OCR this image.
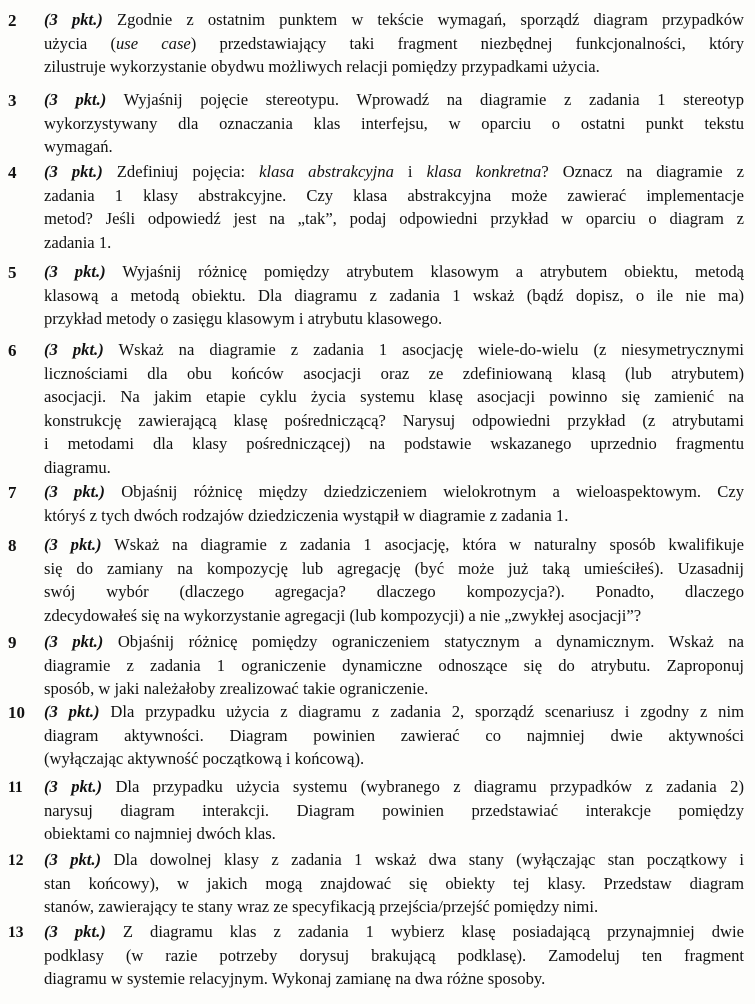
2	(3 pkt.) Zgodnie z ostatnim punktem w tekście wymagań, sporządź diagram przypadków
użycia (use case) przedstawiający taki fragment niezbędnej funkcjonalności, który
zilustruje wykorzystanie obydwu możliwych relacji pomiędzy przypadkami użycia.
3	(3 pkt.) Wyjaśnij pojęcie stereotypu. Wprowadź na diagramie z zadania 1 stereotyp
wykorzystywany dla oznaczania klas interfejsu, w oparciu o ostatni punkt tekstu
wymagań.
4	(3 pkt.) Zdefiniuj pojęcia: klasa abstrakcyjna i klasa konkretna? Oznacz na diagramie z
zadania 1 klasy abstrakcyjne. Czy klasa abstrakcyjna może zawierać implementacje
metod? Jeśli odpowiedź jest na „tak”, podaj odpowiedni przykład w oparciu o diagram z
zadania 1.
5	(3 pkt.) Wyjaśnij różnicę pomiędzy atrybutem klasowym a atrybutem obiektu, metodą
klasową a metodą obiektu. Dla diagramu z zadania 1 wskaż (bądź dopisz, o ile nie ma)
przykład metody o zasięgu klasowym i atrybutu klasowego.
6	(3 pkt.) Wskaż na diagramie z zadania 1 asocjację wiele-do-wielu (z niesymetrycznymi
licznościami dla obu końców asocjacji oraz ze zdefiniowaną klasą (lub atrybutem)
asocjacji. Na jakim etapie cyklu życia systemu klasę asocjacji powinno się zamienić na
konstrukcję zawierającą klasę pośredniczącą? Narysuj odpowiedni przykład (z atrybutami
i metodami dla klasy pośredniczącej) na podstawie wskazanego uprzednio fragmentu
diagramu.
7	(3 pkt.) Objaśnij różnicę między dziedziczeniem wielokrotnym a wieloaspektowym. Czy
któryś z tych dwóch rodzajów dziedziczenia wystąpił w diagramie z zadania 1.
8	(3 pkt.) Wskaż na diagramie z zadania 1 asocjację, która w naturalny sposób kwalifikuje
się do zamiany na kompozycję lub agregację (być może już taką umieściłeś). Uzasadnij
swój wybór (dlaczego agregacja? dlaczego kompozycja?). Ponadto, dlaczego
zdecydowałeś się na wykorzystanie agregacji (lub kompozycji) a nie „zwykłej asocjacji”?
9	(3 pkt.) Objaśnij różnicę pomiędzy ograniczeniem statycznym a dynamicznym. Wskaż na
diagramie z zadania 1 ograniczenie dynamiczne odnoszące się do atrybutu. Zaproponuj
sposób, w jaki należałoby zrealizować takie ograniczenie.
10	(3 pkt.) Dla przypadku użycia z diagramu z zadania 2, sporządź scenariusz i zgodny z nim
diagram aktywności. Diagram powinien zawierać co najmniej dwie aktywności
(wyłączając aktywność początkową i końcową).
11	(3 pkt.) Dla przypadku użycia systemu (wybranego z diagramu przypadków z zadania 2)
narysuj diagram interakcji. Diagram powinien przedstawiać interakcje pomiędzy
obiektami co najmniej dwóch klas.
12	(3 pkt.) Dla dowolnej klasy z zadania 1 wskaż dwa stany (wyłączając stan początkowy i
stan końcowy), w jakich mogą znajdować się obiekty tej klasy. Przedstaw diagram
stanów, zawierający te stany wraz ze specyfikacją przejścia/przejść pomiędzy nimi.
13	(3 pkt.) Z diagramu klas z zadania 1 wybierz klasę posiadającą przynajmniej dwie
podklasy (w razie potrzeby dorysuj brakującą podklasę). Zamodeluj ten fragment
diagramu w systemie relacyjnym. Wykonaj zamianę na dwa różne sposoby.
